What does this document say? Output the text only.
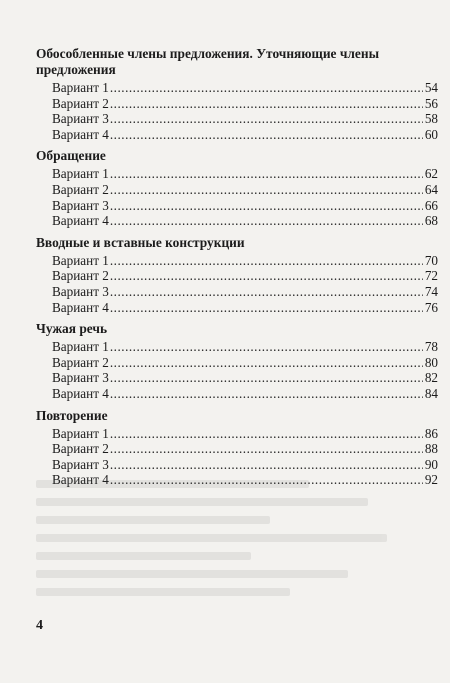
Обособленные члены предложения. Уточняющие члены предложения
Вариант 1 .....	54
Вариант 2 .....	56
Вариант 3 .....	58
Вариант 4 .....	60
Обращение
Вариант 1 .....	62
Вариант 2 .....	64
Вариант 3 .....	66
Вариант 4 .....	68
Вводные и вставные конструкции
Вариант 1 .....	70
Вариант 2 .....	72
Вариант 3 .....	74
Вариант 4 .....	76
Чужая речь
Вариант 1 .....	78
Вариант 2 .....	80
Вариант 3 .....	82
Вариант 4 .....	84
Повторение
Вариант 1 .....	86
Вариант 2 .....	88
Вариант 3 .....	90
Вариант 4 .....	92
4
